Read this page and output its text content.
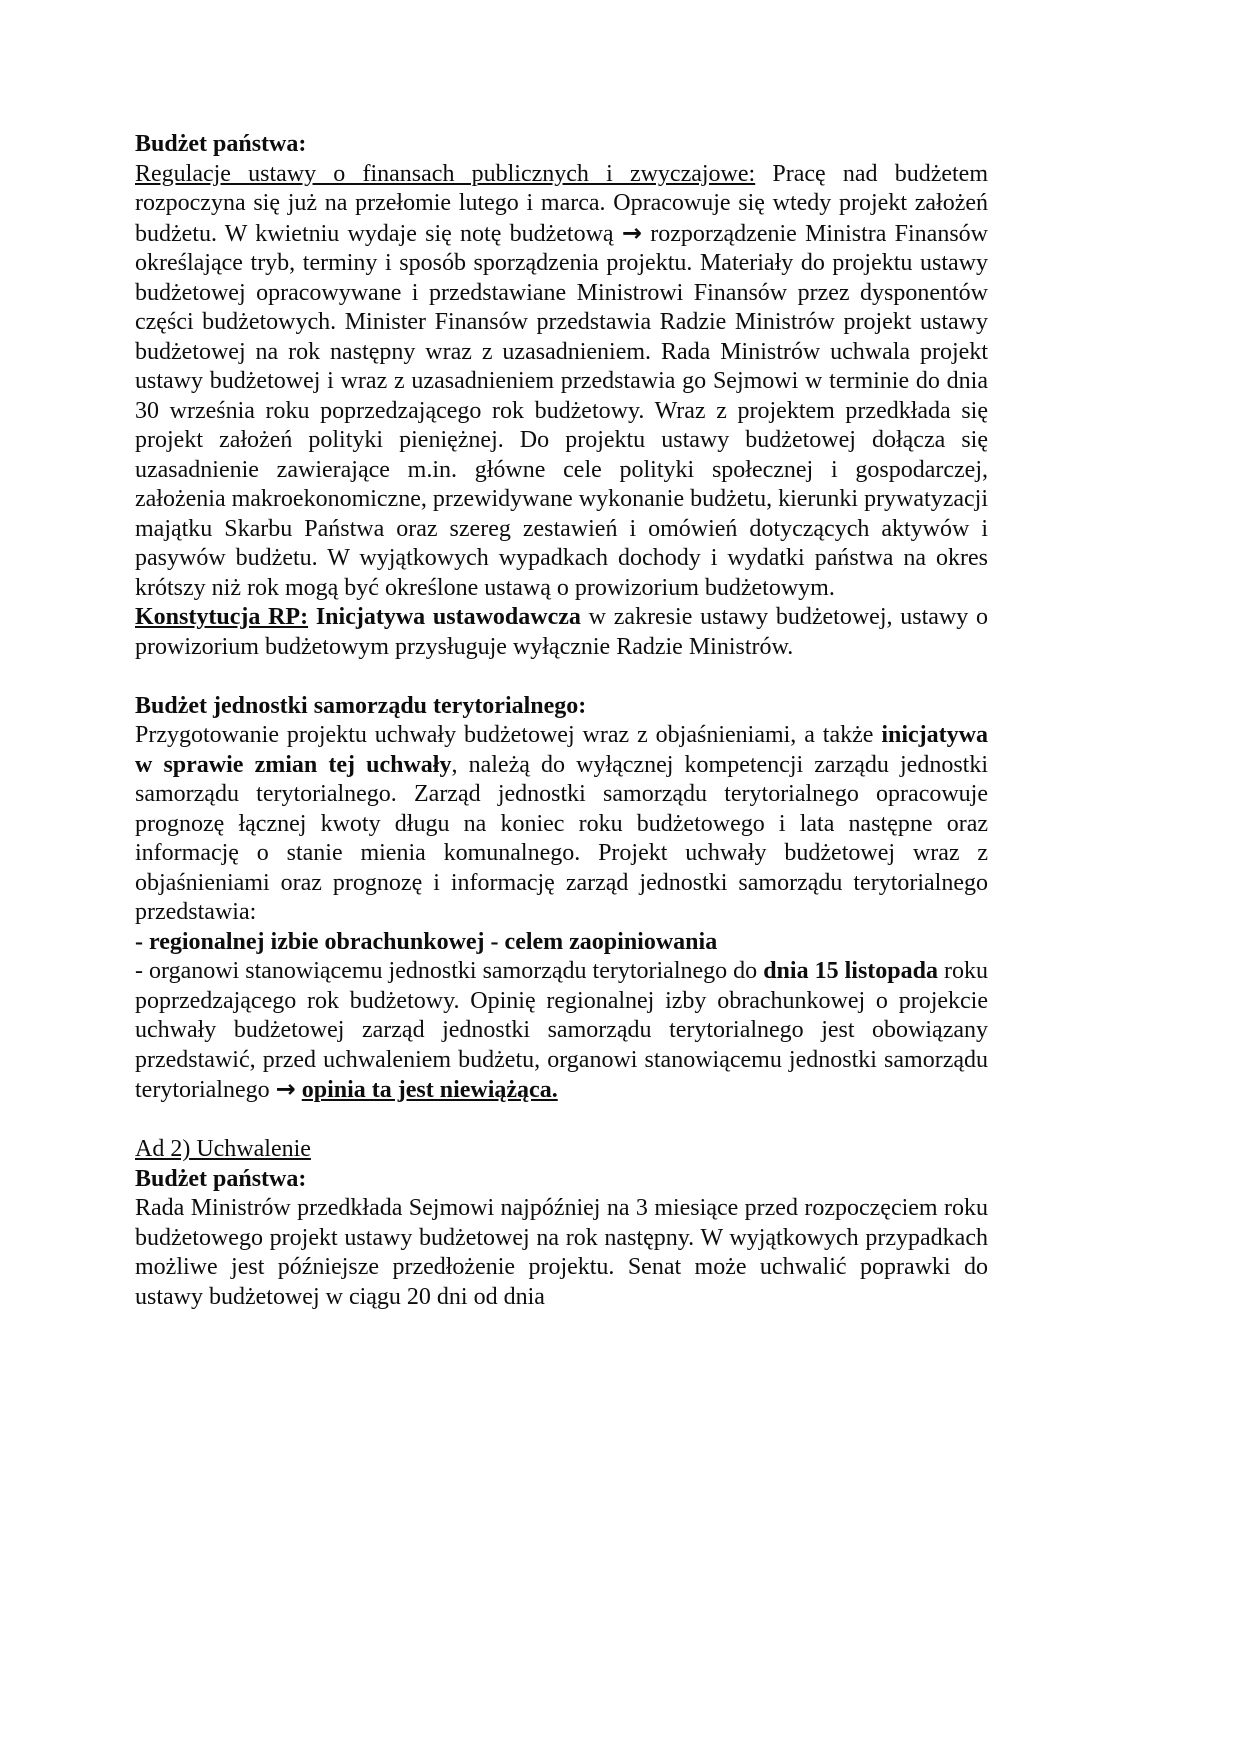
Budżet państwa:

Regulacje ustawy o finansach publicznych i zwyczajowe: Pracę nad budżetem rozpoczyna się już na przełomie lutego i marca. Opracowuje się wtedy projekt założeń budżetu. W kwietniu wydaje się notę budżetową → rozporządzenie Ministra Finansów określające tryb, terminy i sposób sporządzenia projektu. Materiały do projektu ustawy budżetowej opracowywane i przedstawiane Ministrowi Finansów przez dysponentów części budżetowych. Minister Finansów przedstawia Radzie Ministrów projekt ustawy budżetowej na rok następny wraz z uzasadnieniem. Rada Ministrów uchwala projekt ustawy budżetowej i wraz z uzasadnieniem przedstawia go Sejmowi w terminie do dnia 30 września roku poprzedzającego rok budżetowy. Wraz z projektem przedkłada się projekt założeń polityki pieniężnej. Do projektu ustawy budżetowej dołącza się uzasadnienie zawierające m.in. główne cele polityki społecznej i gospodarczej, założenia makroekonomiczne, przewidywane wykonanie budżetu, kierunki prywatyzacji majątku Skarbu Państwa oraz szereg zestawień i omówień dotyczących aktywów i pasywów budżetu. W wyjątkowych wypadkach dochody i wydatki państwa na okres krótszy niż rok mogą być określone ustawą o prowizorium budżetowym.

Konstytucja RP: Inicjatywa ustawodawcza w zakresie ustawy budżetowej, ustawy o prowizorium budżetowym przysługuje wyłącznie Radzie Ministrów.

Budżet jednostki samorządu terytorialnego:

Przygotowanie projektu uchwały budżetowej wraz z objaśnieniami, a także inicjatywa w sprawie zmian tej uchwały, należą do wyłącznej kompetencji zarządu jednostki samorządu terytorialnego. Zarząd jednostki samorządu terytorialnego opracowuje prognozę łącznej kwoty długu na koniec roku budżetowego i lata następne oraz informację o stanie mienia komunalnego. Projekt uchwały budżetowej wraz z objaśnieniami oraz prognozę i informację zarząd jednostki samorządu terytorialnego przedstawia:

- regionalnej izbie obrachunkowej - celem zaopiniowania

- organowi stanowiącemu jednostki samorządu terytorialnego do dnia 15 listopada roku poprzedzającego rok budżetowy. Opinię regionalnej izby obrachunkowej o projekcie uchwały budżetowej zarząd jednostki samorządu terytorialnego jest obowiązany przedstawić, przed uchwaleniem budżetu, organowi stanowiącemu jednostki samorządu terytorialnego → opinia ta jest niewiążąca.

Ad 2) Uchwalenie

Budżet państwa:

Rada Ministrów przedkłada Sejmowi najpóźniej na 3 miesiące przed rozpoczęciem roku budżetowego projekt ustawy budżetowej na rok następny. W wyjątkowych przypadkach możliwe jest późniejsze przedłożenie projektu. Senat może uchwalić poprawki do ustawy budżetowej w ciągu 20 dni od dnia
